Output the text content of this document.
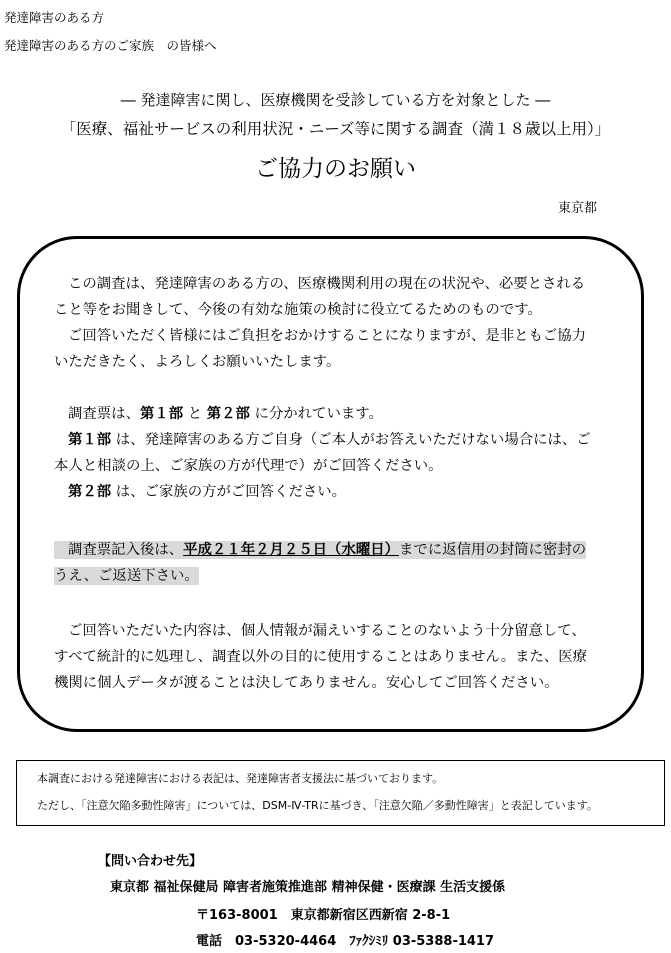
発達障害のある方
発達障害のある方のご家族　の皆様へ
― 発達障害に関し、医療機関を受診している方を対象とした ―
「医療、福祉サービスの利用状況・ニーズ等に関する調査（満１８歳以上用）」
ご協力のお願い
東京都
この調査は、発達障害のある方の、医療機関利用の現在の状況や、必要とされる
こと等をお聞きして、今後の有効な施策の検討に役立てるためのものです。
ご回答いただく皆様にはご負担をおかけすることになりますが、是非ともご協力
いただきたく、よろしくお願いいたします。
調査票は、第１部 と 第２部 に分かれています。
第１部 は、発達障害のある方ご自身（ご本人がお答えいただけない場合には、ご
本人と相談の上、ご家族の方が代理で）がご回答ください。
第２部 は、ご家族の方がご回答ください。
調査票記入後は、平成２１年２月２５日（水曜日）までに返信用の封筒に密封の
うえ、ご返送下さい。
ご回答いただいた内容は、個人情報が漏えいすることのないよう十分留意して、
すべて統計的に処理し、調査以外の目的に使用することはありません。また、医療
機関に個人データが渡ることは決してありません。安心してご回答ください。
本調査における発達障害における表記は、発達障害者支援法に基づいております。
ただし、「注意欠陥多動性障害」については、DSM-Ⅳ-TRに基づき、「注意欠陥／多動性障害」と表記しています。
【問い合わせ先】
東京都 福祉保健局 障害者施策推進部 精神保健・医療課 生活支援係
〒163-8001　東京都新宿区西新宿 2-8-1
電話　03-5320-4464　ﾌｧｸｼﾐﾘ 03-5388-1417
